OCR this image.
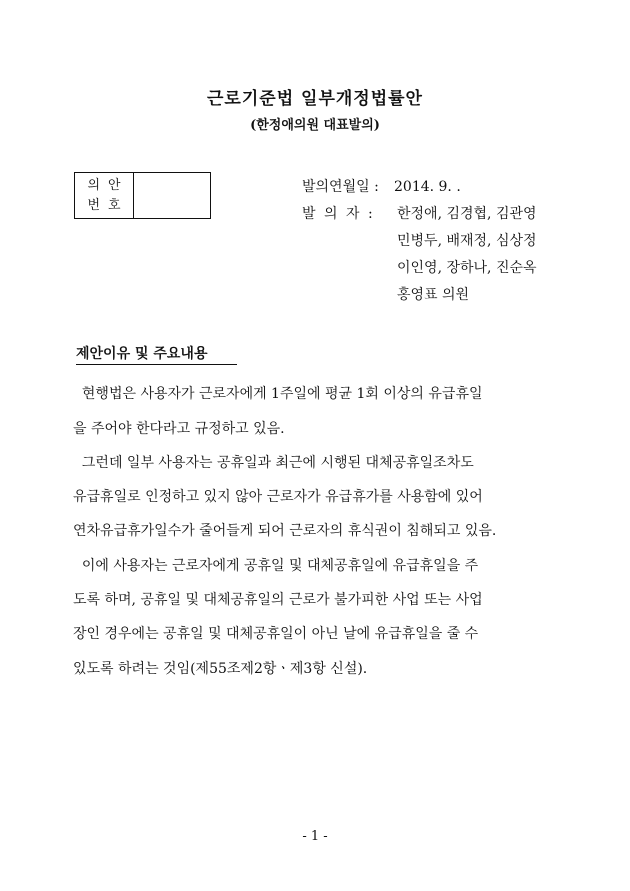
근로기준법 일부개정법률안
(한정애의원 대표발의)
의안
번호
발의연월일 : 2014. 9. .
발 의 자 :	한정애, 김경협, 김관영
민병두, 배재정, 심상정
이인영, 장하나, 진순옥
홍영표 의원
제안이유 및 주요내용
현행법은 사용자가 근로자에게 1주일에 평균 1회 이상의 유급휴일
을 주어야 한다라고 규정하고 있음.
그런데 일부 사용자는 공휴일과 최근에 시행된 대체공휴일조차도
유급휴일로 인정하고 있지 않아 근로자가 유급휴가를 사용함에 있어
연차유급휴가일수가 줄어들게 되어 근로자의 휴식권이 침해되고 있음.
이에 사용자는 근로자에게 공휴일 및 대체공휴일에 유급휴일을 주
도록 하며, 공휴일 및 대체공휴일의 근로가 불가피한 사업 또는 사업
장인 경우에는 공휴일 및 대체공휴일이 아닌 날에 유급휴일을 줄 수
있도록 하려는 것임(제55조제2항ㆍ제3항 신설).
- 1 -
